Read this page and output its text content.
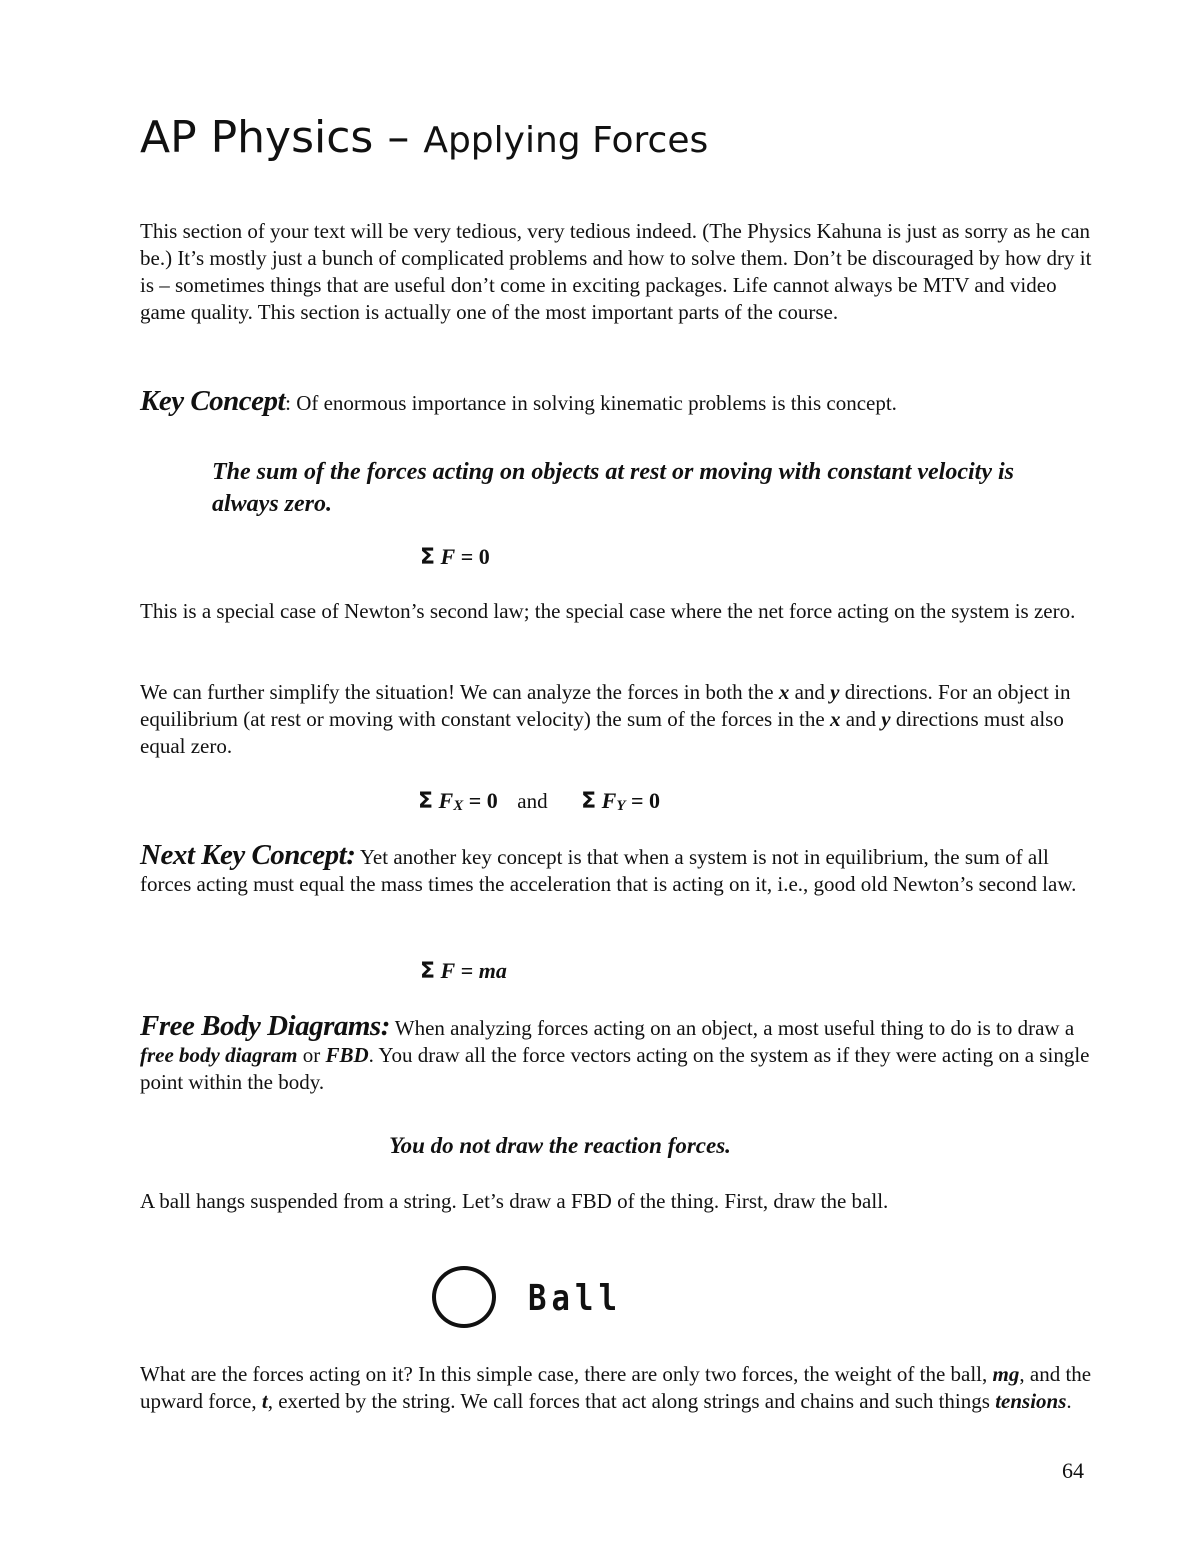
AP Physics – Applying Forces

This section of your text will be very tedious, very tedious indeed. (The Physics Kahuna is just as sorry as he can be.) It’s mostly just a bunch of complicated problems and how to solve them. Don’t be discouraged by how dry it is – sometimes things that are useful don’t come in exciting packages. Life cannot always be MTV and video game quality. This section is actually one of the most important parts of the course.

Key Concept: Of enormous importance in solving kinematic problems is this concept.

The sum of the forces acting on objects at rest or moving with constant velocity is always zero.

Σ F = 0

This is a special case of Newton’s second law; the special case where the net force acting on the system is zero.

We can further simplify the situation! We can analyze the forces in both the x and y directions. For an object in equilibrium (at rest or moving with constant velocity) the sum of the forces in the x and y directions must also equal zero.

Σ FX = 0 and Σ FY = 0

Next Key Concept: Yet another key concept is that when a system is not in equilibrium, the sum of all forces acting must equal the mass times the acceleration that is acting on it, i.e., good old Newton’s second law.

Σ F = ma

Free Body Diagrams: When analyzing forces acting on an object, a most useful thing to do is to draw a free body diagram or FBD. You draw all the force vectors acting on the system as if they were acting on a single point within the body.

You do not draw the reaction forces.

A ball hangs suspended from a string. Let’s draw a FBD of the thing. First, draw the ball.

Ball

What are the forces acting on it? In this simple case, there are only two forces, the weight of the ball, mg, and the upward force, t, exerted by the string. We call forces that act along strings and chains and such things tensions.

64
